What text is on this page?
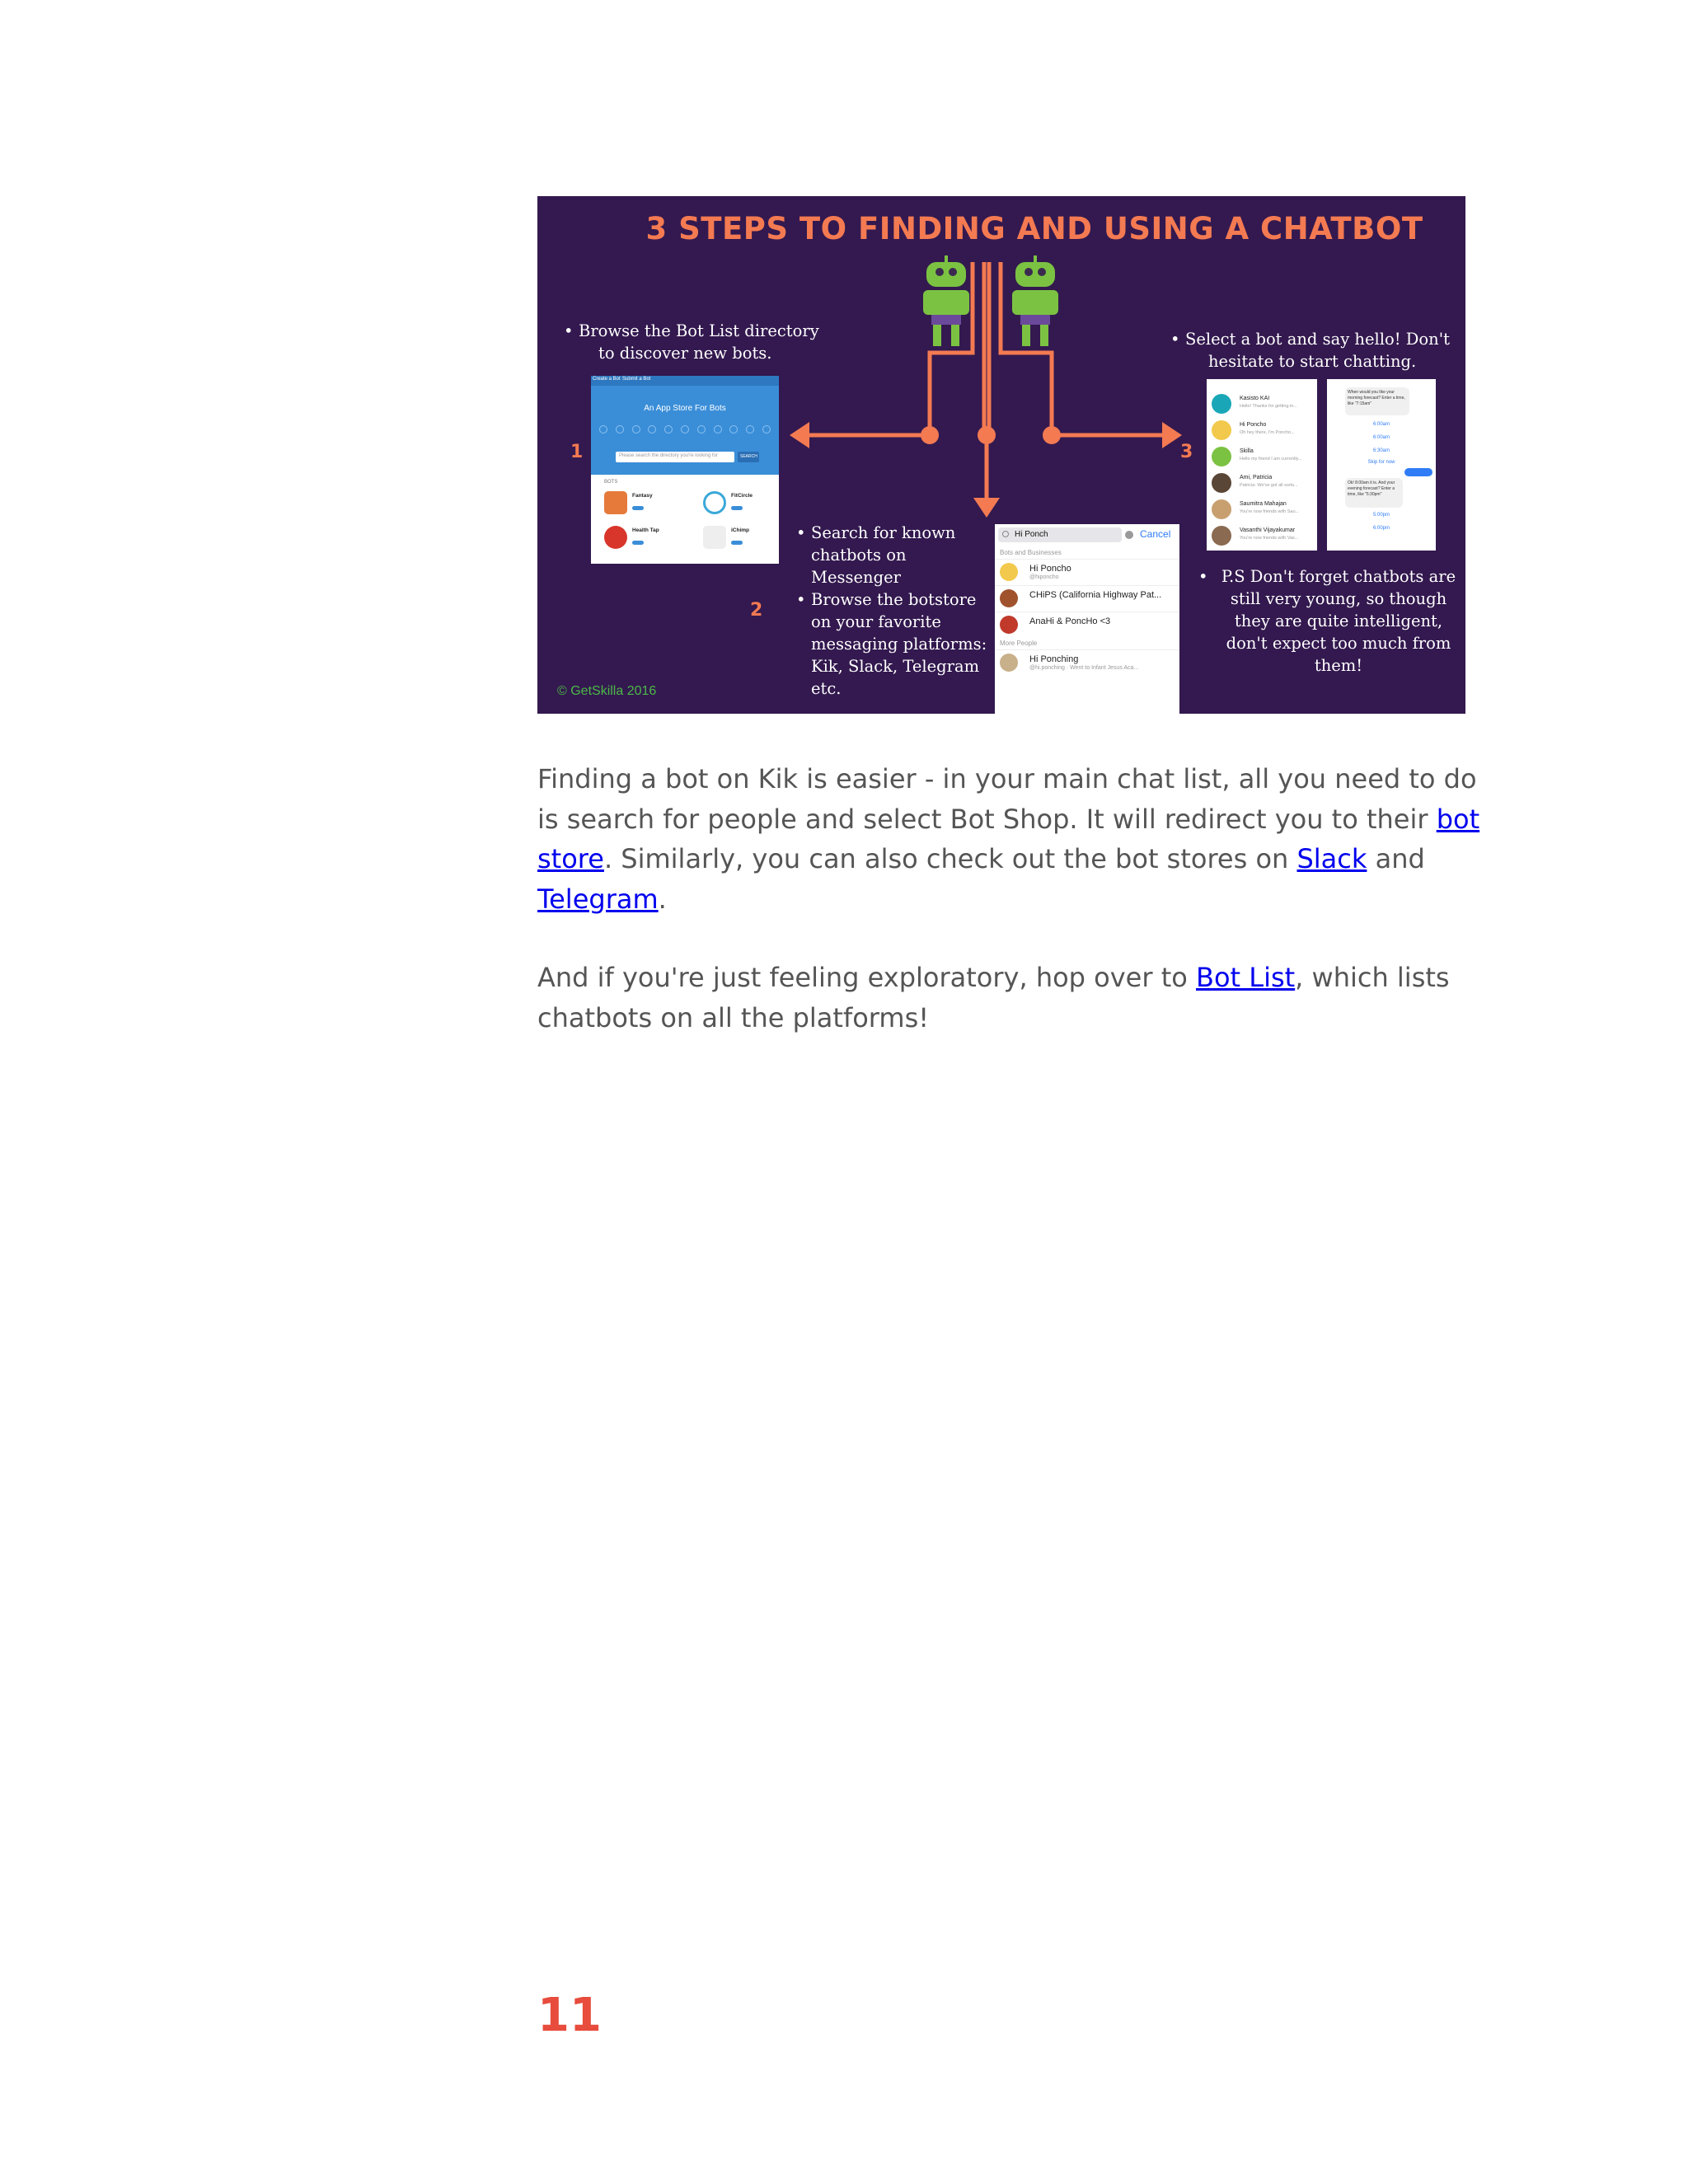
3 STEPS TO FINDING AND USING A CHATBOT
• Browse the Bot List directory
to discover new bots.
1
Create a Bot Submit a Bot
An App Store For Bots
Please search the directory you're looking for	SEARCH
BOTS
Fantasy	FitCircle
Health Tap	iChimp
2
• Search for known
chatbots on
Messenger
• Browse the botstore
on your favorite
messaging platforms:
Kik, Slack, Telegram
etc.
Hi Ponch	Cancel
Bots and Businesses
Hi Poncho
@hiponcho
CHiPS (California Highway Pat...
AnaHi & PoncHo <3
More People
Hi Ponching
@hi.ponching · Went to Infant Jesus Aca...
• Select a bot and say hello! Don't
hesitate to start chatting.
3
Kasisto KAI
Hello! Thanks for getting in...
Hi Poncho
Oh hey there, I'm Poncho...
Skilla
Hello my friend I am currently...
Ami, Patricia
Patricia: We've got all sorts...
Saumitra Mahajan
You're now friends with Sau...
Vasanthi Vijayakumar
You're now friends with Vas...
When would you like your morning forecast? Enter a time, like "7:15am"
6:00am
6:00am
6:30am
Skip for now
Ok! 8:00am it is. And your evening forecast? Enter a time, like "5:30pm"
5:00pm
6:00pm
• P.S Don't forget chatbots are
still very young, so though
they are quite intelligent,
don't expect too much from
them!
© GetSkilla 2016

Finding a bot on Kik is easier - in your main chat list, all you need to do is search for people and select Bot Shop. It will redirect you to their bot store. Similarly, you can also check out the bot stores on Slack and Telegram.

And if you're just feeling exploratory, hop over to Bot List, which lists chatbots on all the platforms!

11
